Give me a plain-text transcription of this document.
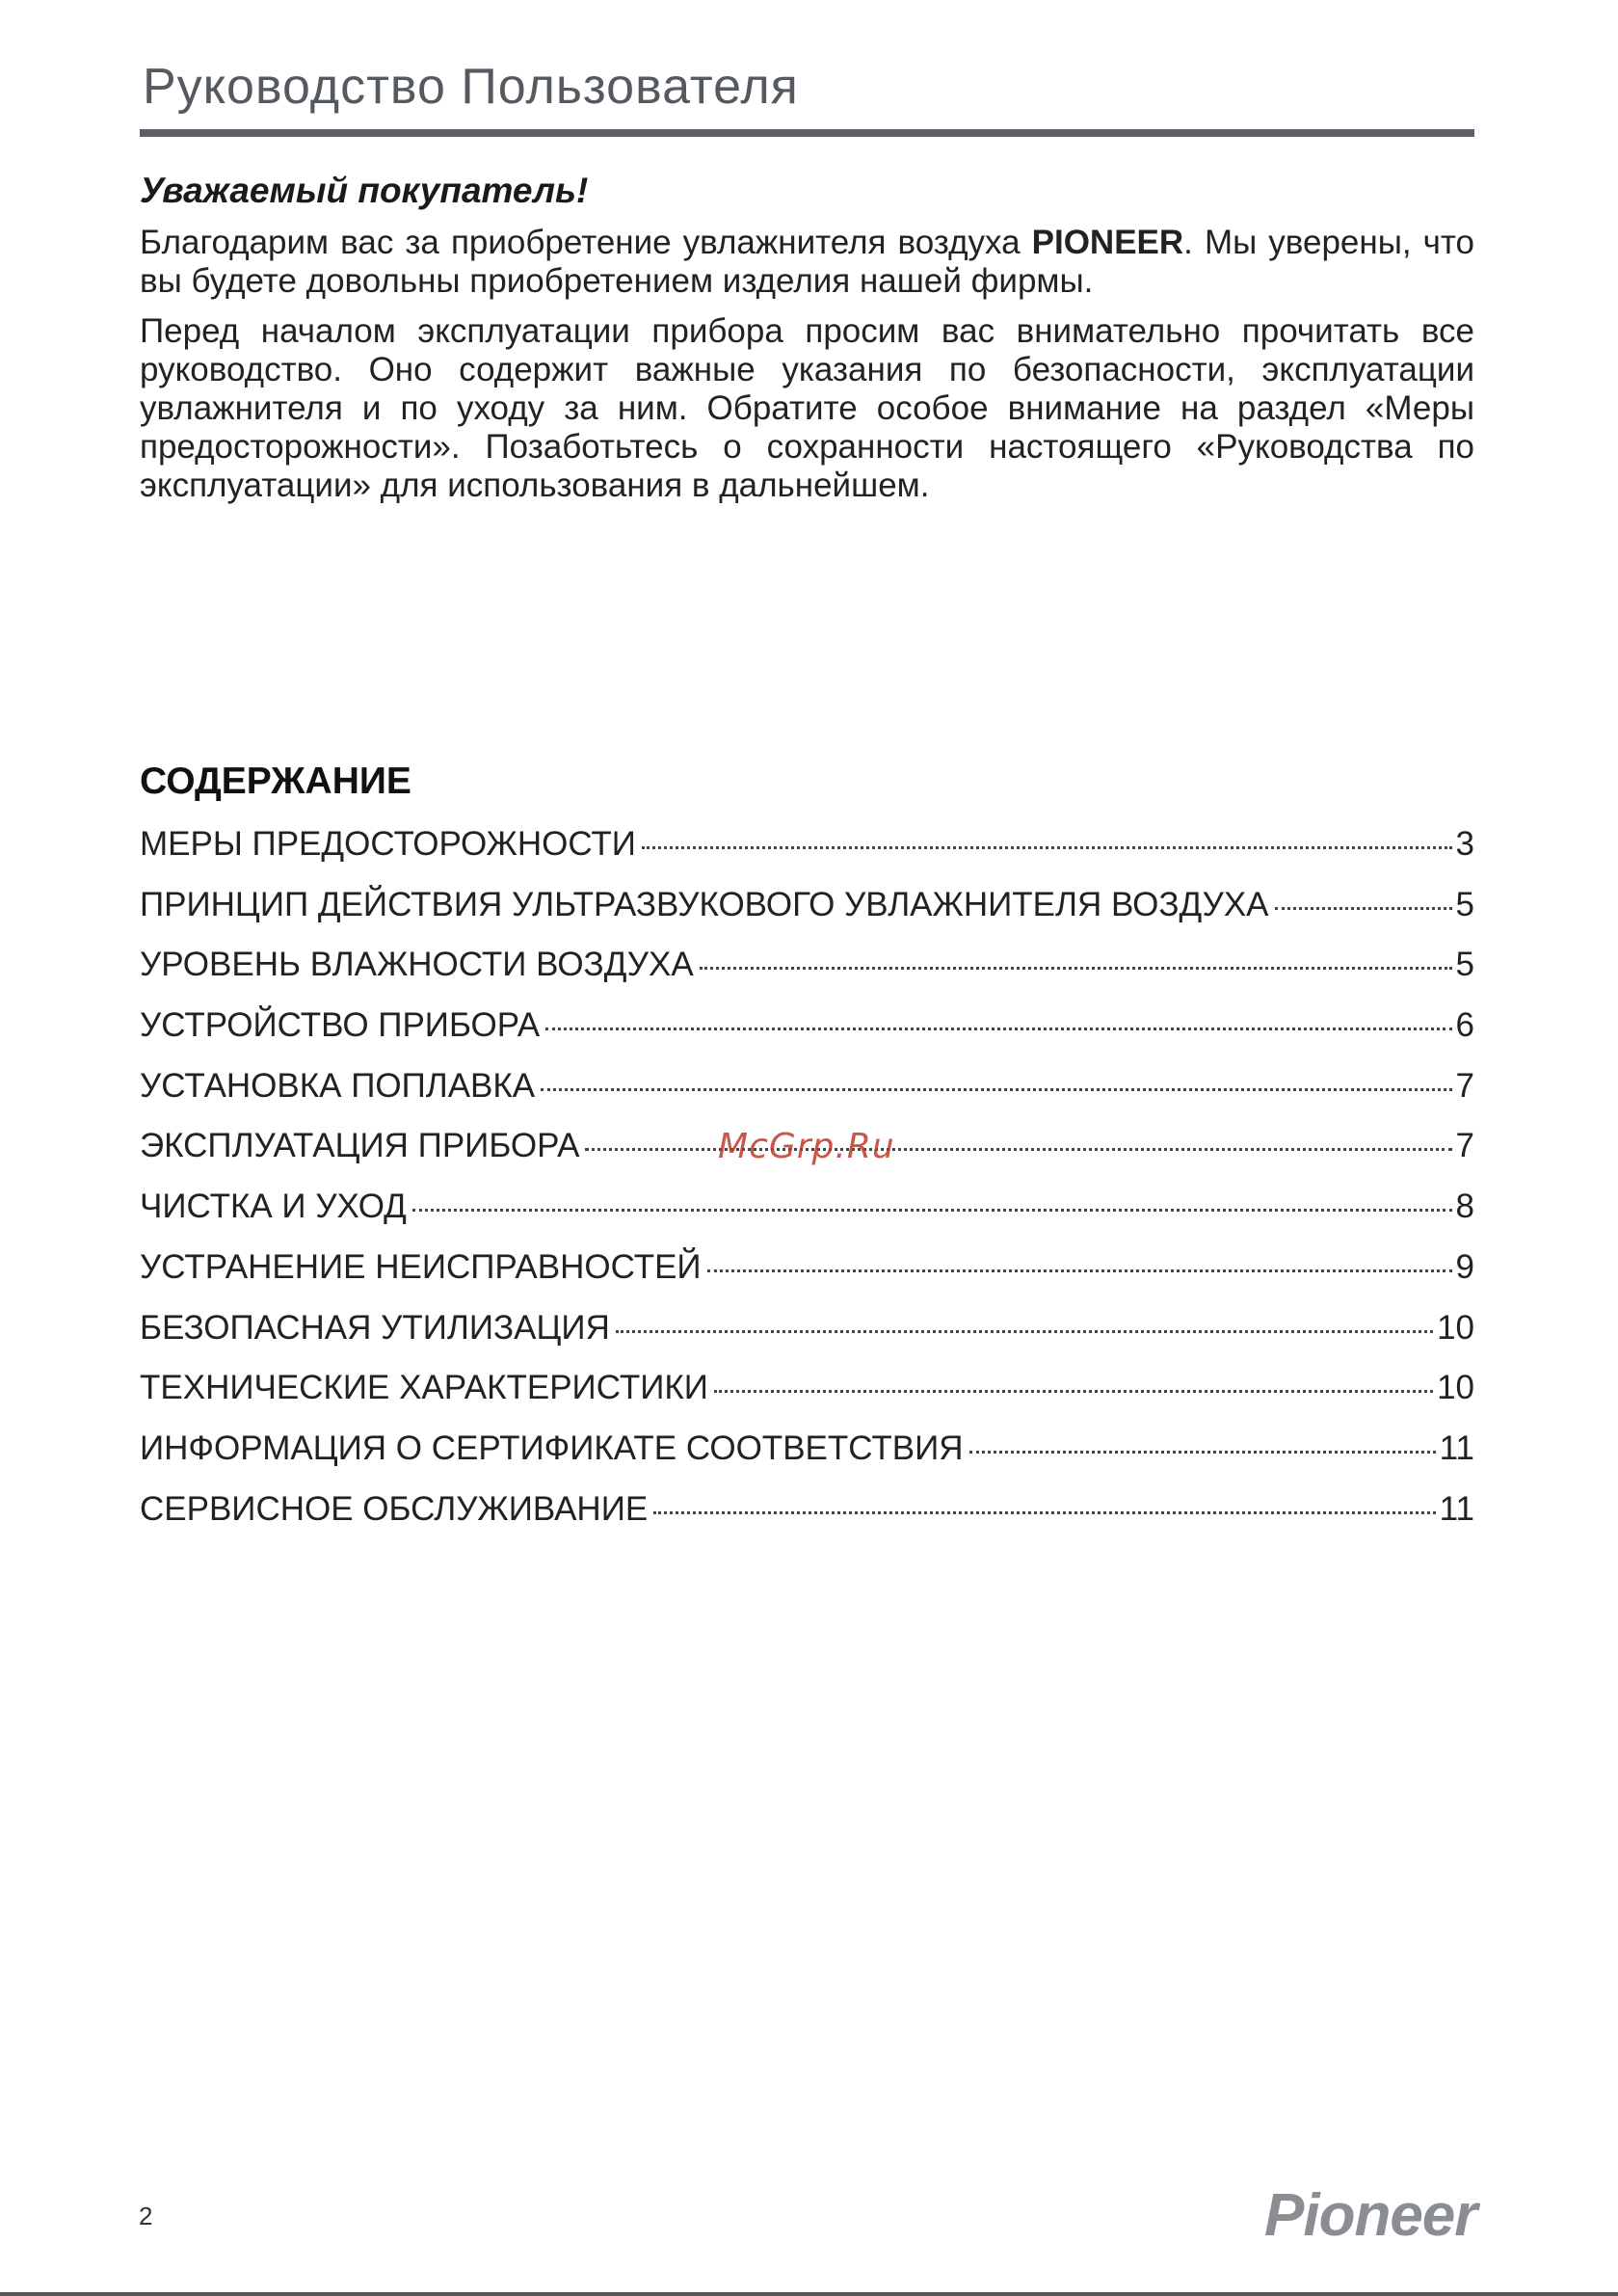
Руководство Пользователя
Уважаемый покупатель!

Благодарим вас за приобретение увлажнителя воздуха PIONEER. Мы уверены, что вы будете довольны приобретением изделия нашей фирмы.

Перед началом эксплуатации прибора просим вас внимательно прочитать все руководство. Оно содержит важные указания по безопасности, эксплуатации увлажнителя и по уходу за ним. Обратите особое внимание на раздел «Меры предосторожности». Позаботьтесь о сохранности настоящего «Руководства по эксплуатации» для использования в дальнейшем.

СОДЕРЖАНИЕ
МЕРЫ ПРЕДОСТОРОЖНОСТИ	3
ПРИНЦИП ДЕЙСТВИЯ УЛЬТРАЗВУКОВОГО УВЛАЖНИТЕЛЯ ВОЗДУХА	5
УРОВЕНЬ ВЛАЖНОСТИ ВОЗДУХА	5
УСТРОЙСТВО ПРИБОРА	6
УСТАНОВКА ПОПЛАВКА	7
ЭКСПЛУАТАЦИЯ ПРИБОРА	7
ЧИСТКА И УХОД	8
УСТРАНЕНИЕ НЕИСПРАВНОСТЕЙ	9
БЕЗОПАСНАЯ УТИЛИЗАЦИЯ	10
ТЕХНИЧЕСКИЕ ХАРАКТЕРИСТИКИ	10
ИНФОРМАЦИЯ О СЕРТИФИКАТЕ СООТВЕТСТВИЯ	11
СЕРВИСНОЕ ОБСЛУЖИВАНИЕ	11
McGrp.Ru
2	Pioneer
